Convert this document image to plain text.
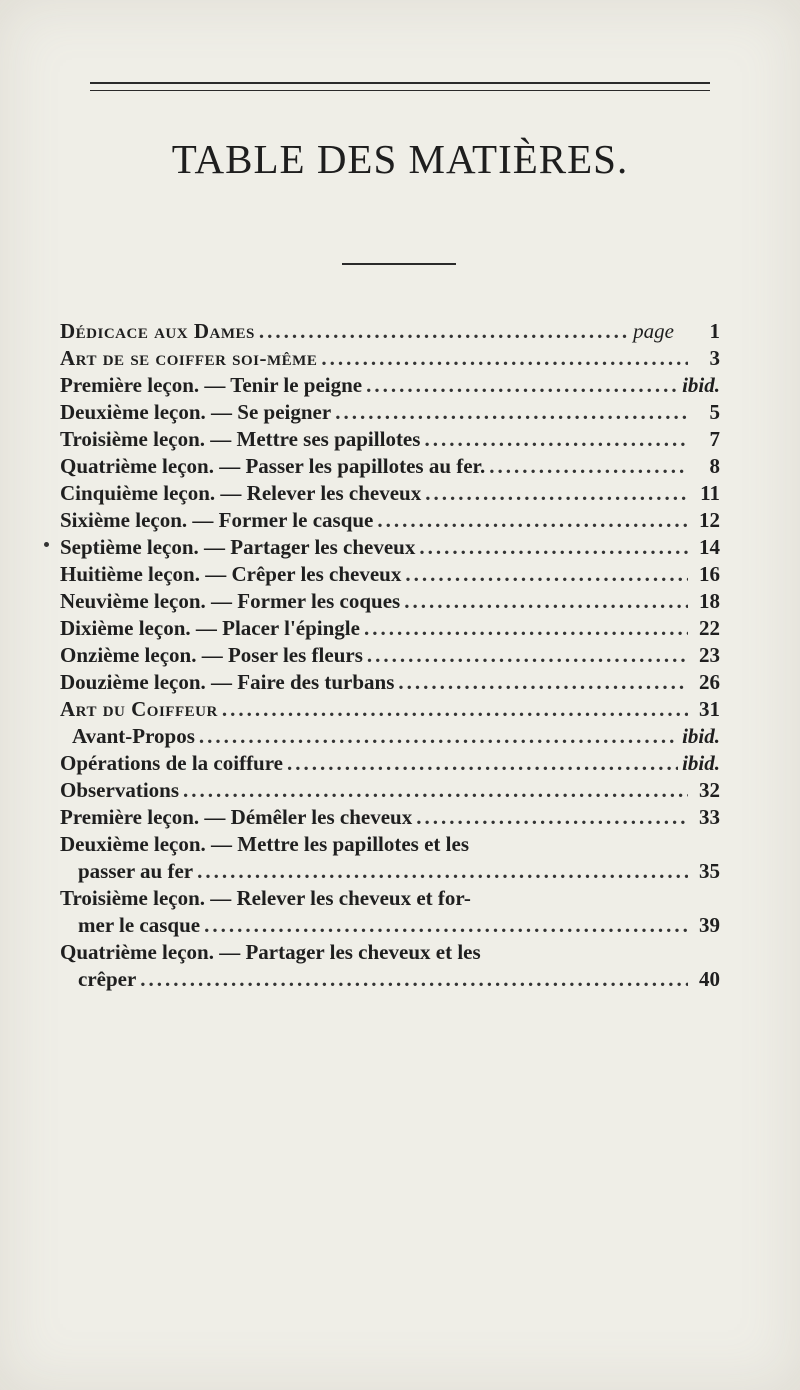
TABLE DES MATIÈRES.
Dédicace aux Dames .....	page	1
Art de se coiffer soi-même .....	3
Première leçon. — Tenir le peigne .....	ibid.
Deuxième leçon. — Se peigner .....	5
Troisième leçon. — Mettre ses papillotes .....	7
Quatrième leçon. — Passer les papillotes au fer. .....	8
Cinquième leçon. — Relever les cheveux .....	11
Sixième leçon. — Former le casque .....	12
Septième leçon. — Partager les cheveux .....	14
Huitième leçon. — Crêper les cheveux .....	16
Neuvième leçon. — Former les coques .....	18
Dixième leçon. — Placer l'épingle .....	22
Onzième leçon. — Poser les fleurs .....	23
Douzième leçon. — Faire des turbans .....	26
Art du Coiffeur .....	31
Avant-Propos .....	ibid.
Opérations de la coiffure .....	ibid.
Observations .....	32
Première leçon. — Démêler les cheveux .....	33
Deuxième leçon. — Mettre les papillotes et les
passer au fer .....	35
Troisième leçon. — Relever les cheveux et for-
mer le casque .....	39
Quatrième leçon. — Partager les cheveux et les
crêper .....	40
